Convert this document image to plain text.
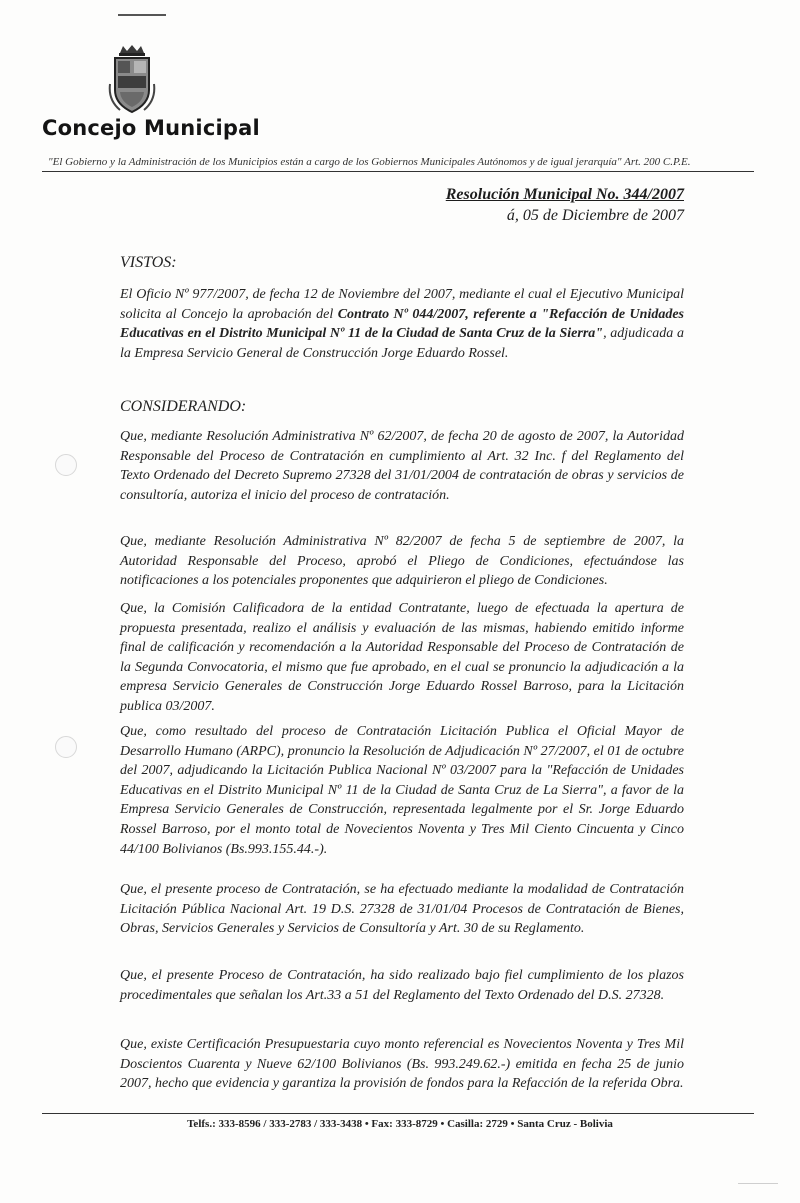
Concejo Municipal
"El Gobierno y la Administración de los Municipios están a cargo de los Gobiernos Municipales Autónomos y de igual jerarquía" Art. 200 C.P.E.
Resolución Municipal No. 344/2007
á, 05 de Diciembre de 2007
VISTOS:
El Oficio Nº 977/2007, de fecha 12 de Noviembre del 2007, mediante el cual el Ejecutivo Municipal solicita al Concejo la aprobación del Contrato Nº 044/2007, referente a "Refacción de Unidades Educativas en el Distrito Municipal Nº 11 de la Ciudad de Santa Cruz de la Sierra", adjudicada a la Empresa Servicio General de Construcción Jorge Eduardo Rossel.
CONSIDERANDO:
Que, mediante Resolución Administrativa Nº 62/2007, de fecha 20 de agosto de 2007, la Autoridad Responsable del Proceso de Contratación en cumplimiento al Art. 32 Inc. f del Reglamento del Texto Ordenado del Decreto Supremo 27328 del 31/01/2004 de contratación de obras y servicios de consultoría, autoriza el inicio del proceso de contratación.
Que, mediante Resolución Administrativa Nº 82/2007 de fecha 5 de septiembre de 2007, la Autoridad Responsable del Proceso, aprobó el Pliego de Condiciones, efectuándose las notificaciones a los potenciales proponentes que adquirieron el pliego de Condiciones.
Que, la Comisión Calificadora de la entidad Contratante, luego de efectuada la apertura de propuesta presentada, realizo el análisis y evaluación de las mismas, habiendo emitido informe final de calificación y recomendación a la Autoridad Responsable del Proceso de Contratación de la Segunda Convocatoria, el mismo que fue aprobado, en el cual se pronuncio la adjudicación a la empresa Servicio Generales de Construcción Jorge Eduardo Rossel Barroso, para la Licitación publica 03/2007.
Que, como resultado del proceso de Contratación Licitación Publica el Oficial Mayor de Desarrollo Humano (ARPC), pronuncio la Resolución de Adjudicación Nº 27/2007, el 01 de octubre del 2007, adjudicando la Licitación Publica Nacional Nº 03/2007 para la "Refacción de Unidades Educativas en el Distrito Municipal Nº 11 de la Ciudad de Santa Cruz de La Sierra", a favor de la Empresa Servicio Generales de Construcción, representada legalmente por el Sr. Jorge Eduardo Rossel Barroso, por el monto total de Novecientos Noventa y Tres Mil Ciento Cincuenta y Cinco 44/100 Bolivianos (Bs.993.155.44.-).
Que, el presente proceso de Contratación, se ha efectuado mediante la modalidad de Contratación Licitación Pública Nacional Art. 19 D.S. 27328 de 31/01/04 Procesos de Contratación de Bienes, Obras, Servicios Generales y Servicios de Consultoría y Art. 30 de su Reglamento.
Que, el presente Proceso de Contratación, ha sido realizado bajo fiel cumplimiento de los plazos procedimentales que señalan los Art.33 a 51 del Reglamento del Texto Ordenado del D.S. 27328.
Que, existe Certificación Presupuestaria cuyo monto referencial es Novecientos Noventa y Tres Mil Doscientos Cuarenta y Nueve 62/100 Bolivianos (Bs. 993.249.62.-) emitida en fecha 25 de junio 2007, hecho que evidencia y garantiza la provisión de fondos para la Refacción de la referida Obra.
Telfs.: 333-8596 / 333-2783 / 333-3438 • Fax: 333-8729 • Casilla: 2729 • Santa Cruz - Bolivia
